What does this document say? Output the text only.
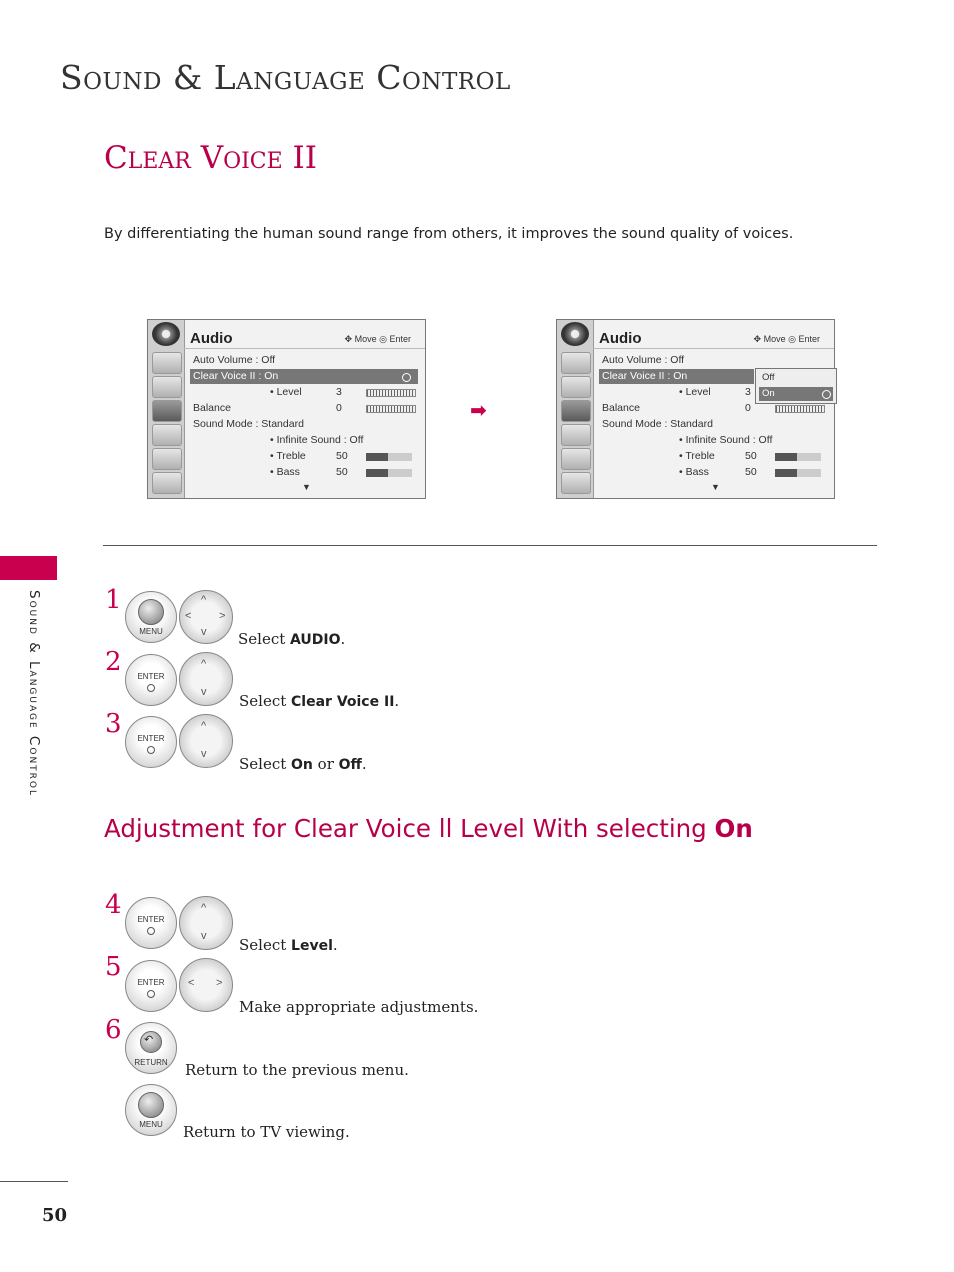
Sound & Language Control
Clear Voice II
By differentiating the human sound range from others, it improves the sound quality of voices.
Audio	✥ Move ◎ Enter
Auto Volume : Off
Clear Voice II : On
• Level	3
Balance	0
Sound Mode : Standard
• Infinite Sound : Off
• Treble	50
• Bass	50
▼
➡
Audio	✥ Move ◎ Enter
Auto Volume : Off
Clear Voice II : On
• Level	3
Balance	0
Sound Mode : Standard
• Infinite Sound : Off
• Treble	50
• Bass	50
▼
Off
On
Sound & Language Control 1
MENU
^
v
<	>
Select AUDIO.
2	ENTER
^
v Select Clear Voice II.
3	ENTER
^
v
Select On or Off.
Adjustment for Clear Voice ll Level With selecting On
4	ENTER
^
v Select Level.
5
ENTER	< >
Make appropriate adjustments.
6 ↶
RETURN	Return to the previous menu.
MENU	Return to TV viewing.
50
